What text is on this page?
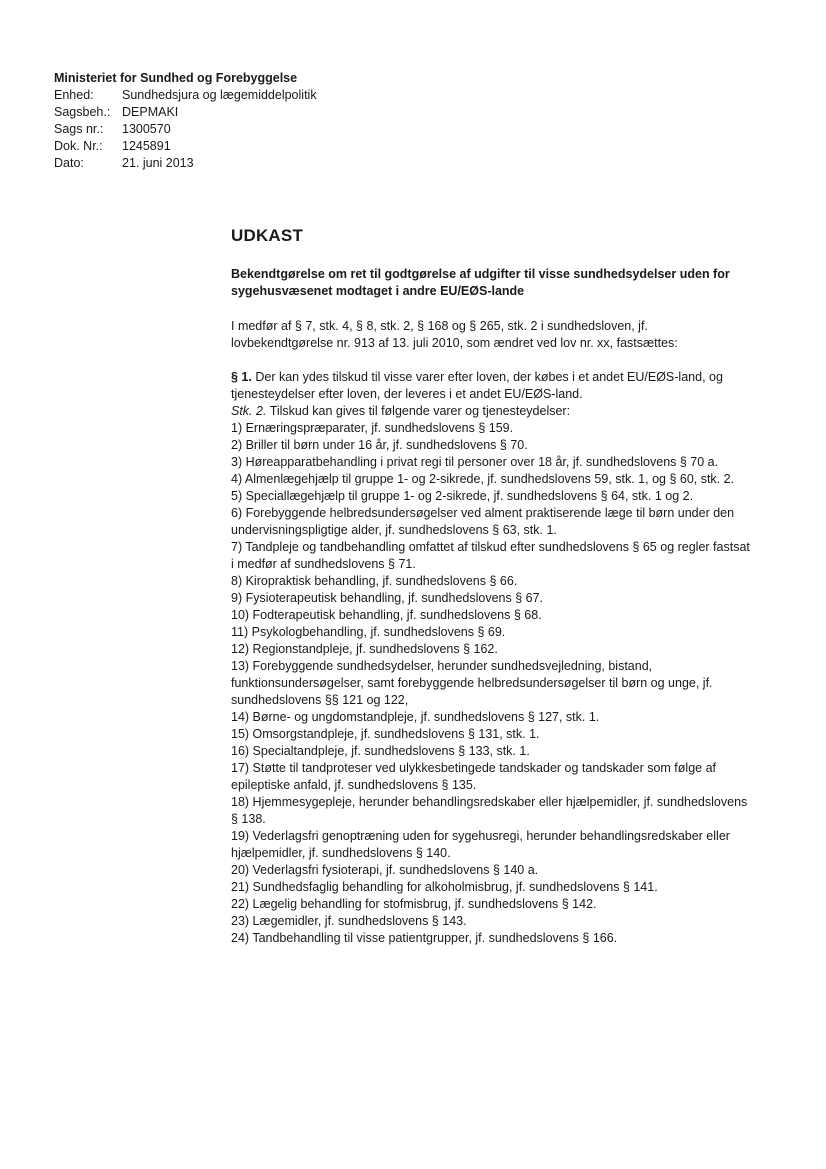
Ministeriet for Sundhed og Forebyggelse
Enhed:	Sundhedsjura og lægemiddelpolitik
Sagsbeh.: DEPMAKI
Sags nr.:	1300570
Dok. Nr.:	1245891
Dato:	21. juni 2013
UDKAST
Bekendtgørelse om ret til godtgørelse af udgifter til visse sundhedsydelser uden for sygehusvæsenet modtaget i andre EU/EØS-lande
I medfør af § 7, stk. 4, § 8, stk. 2, § 168 og § 265, stk. 2 i sundhedsloven, jf. lovbekendtgørelse nr. 913 af 13. juli 2010, som ændret ved lov nr. xx, fastsættes:

§ 1. Der kan ydes tilskud til visse varer efter loven, der købes i et andet EU/EØS-land, og tjenesteydelser efter loven, der leveres i et andet EU/EØS-land.

Stk. 2. Tilskud kan gives til følgende varer og tjenesteydelser:

1) Ernæringspræparater, jf. sundhedslovens § 159.
2) Briller til børn under 16 år, jf. sundhedslovens § 70.
3) Høreapparatbehandling i privat regi til personer over 18 år, jf. sundhedslovens § 70 a.
4) Almenlægehjælp til gruppe 1- og 2-sikrede, jf. sundhedslovens 59, stk. 1, og § 60, stk. 2.
5) Speciallægehjælp til gruppe 1- og 2-sikrede, jf. sundhedslovens § 64, stk. 1 og 2.
6) Forebyggende helbredsundersøgelser ved alment praktiserende læge til børn under den undervisningspligtige alder, jf. sundhedslovens § 63, stk. 1.
7) Tandpleje og tandbehandling omfattet af tilskud efter sundhedslovens § 65 og regler fastsat i medfør af sundhedslovens § 71.
8) Kiropraktisk behandling, jf. sundhedslovens § 66.
9) Fysioterapeutisk behandling, jf. sundhedslovens § 67.
10) Fodterapeutisk behandling, jf. sundhedslovens § 68.
11) Psykologbehandling, jf. sundhedslovens § 69.
12) Regionstandpleje, jf. sundhedslovens § 162.
13) Forebyggende sundhedsydelser, herunder sundhedsvejledning, bistand, funktionsundersøgelser, samt forebyggende helbredsundersøgelser til børn og unge, jf. sundhedslovens §§ 121 og 122,
14) Børne- og ungdomstandpleje, jf. sundhedslovens § 127, stk. 1.
15) Omsorgstandpleje, jf. sundhedslovens § 131, stk. 1.
16) Specialtandpleje, jf. sundhedslovens § 133, stk. 1.
17) Støtte til tandproteser ved ulykkesbetingede tandskader og tandskader som følge af epileptiske anfald, jf. sundhedslovens § 135.
18) Hjemmesygepleje, herunder behandlingsredskaber eller hjælpemidler, jf. sundhedslovens § 138.
19) Vederlagsfri genoptræning uden for sygehusregi, herunder behandlingsredskaber eller hjælpemidler, jf. sundhedslovens § 140.
20) Vederlagsfri fysioterapi, jf. sundhedslovens § 140 a.
21) Sundhedsfaglig behandling for alkoholmisbrug, jf. sundhedslovens § 141.
22) Lægelig behandling for stofmisbrug, jf. sundhedslovens § 142.
23) Lægemidler, jf. sundhedslovens § 143.
24) Tandbehandling til visse patientgrupper, jf. sundhedslovens § 166.
